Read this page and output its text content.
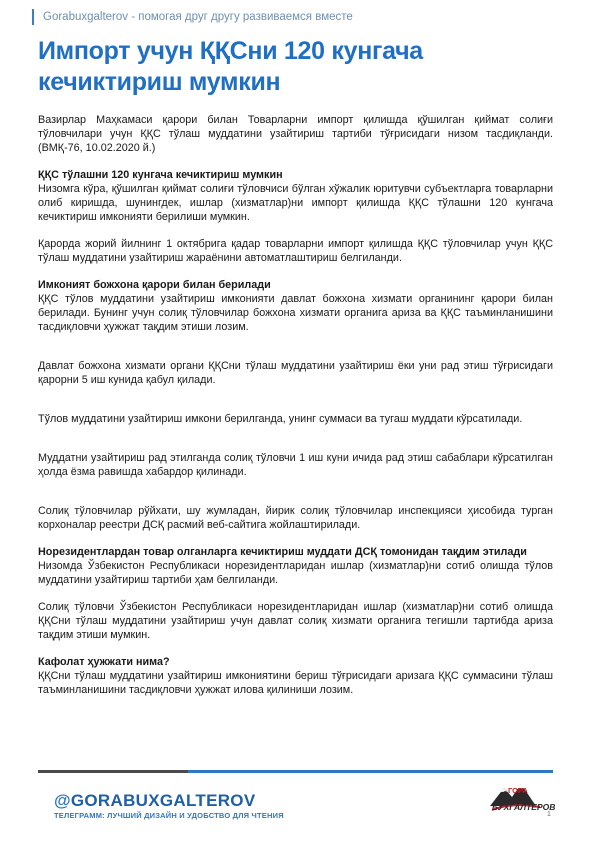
Gorabuxgalterov - помогая друг другу развиваемся вместе
Импорт учун ҚҚСни 120 кунгача кечиктириш мумкин

Вазирлар Маҳкамаси қарори билан Товарларни импорт қилишда қўшилган қиймат солиғи тўловчилари учун ҚҚС тўлаш муддатини узайтириш тартиби тўғрисидаги низом тасдиқланди. (ВМҚ-76, 10.02.2020 й.)

ҚҚС тўлашни 120 кунгача кечиктириш мумкин

Низомга кўра, қўшилган қиймат солиғи тўловчиси бўлган хўжалик юритувчи субъектларга товарларни олиб киришда, шунингдек, ишлар (хизматлар)ни импорт қилишда ҚҚС тўлашни 120 кунгача кечиктириш имконияти берилиши мумкин.

Қарорда жорий йилнинг 1 октябрига қадар товарларни импорт қилишда ҚҚС тўловчилар учун ҚҚС тўлаш муддатини узайтириш жараёнини автоматлаштириш белгиланди.

Имконият божхона қарори билан берилади

ҚҚС тўлов муддатини узайтириш имконияти давлат божхона хизмати органининг қарори билан берилади. Бунинг учун солиқ тўловчилар божхона хизмати органига ариза ва ҚҚС таъминланишини тасдиқловчи ҳужжат тақдим этиши лозим.

Давлат божхона хизмати органи ҚҚСни тўлаш муддатини узайтириш ёки уни рад этиш тўғрисидаги қарорни 5 иш кунида қабул қилади.

Тўлов муддатини узайтириш имкони берилганда, унинг суммаси ва тугаш муддати кўрсатилади.

Муддатни узайтириш рад этилганда солиқ тўловчи 1 иш куни ичида рад этиш сабаблари кўрсатилган ҳолда ёзма равишда хабардор қилинади.

Солиқ тўловчилар рўйхати, шу жумладан, йирик солиқ тўловчилар инспекцияси ҳисобида турган корхоналар реестри ДСҚ расмий веб-сайтига жойлаштирилади.

Норезидентлардан товар олганларга кечиктириш муддати ДСҚ томонидан тақдим этилади

Низомда Ўзбекистон Республикаси норезидентларидан ишлар (хизматлар)ни сотиб олишда тўлов муддатини узайтириш тартиби ҳам белгиланди.

Солиқ тўловчи Ўзбекистон Республикаси норезидентларидан ишлар (хизматлар)ни сотиб олишда ҚҚСни тўлаш муддатини узайтириш учун давлат солиқ хизмати органига тегишли тартибда ариза тақдим этиши мумкин.

Кафолат ҳужжати нима?

ҚҚСни тўлаш муддатини узайтириш имкониятини бериш тўғрисидаги аризага ҚҚС суммасини тўлаш таъминланишини тасдиқловчи ҳужжат илова қилиниши лозим.

@GORABUXGALTEROV
ТЕЛЕГРАММ: ЛУЧШИЙ ДИЗАЙН И УДОБСТВО ДЛЯ ЧТЕНИЯ
ГОРА
БУХГАЛТЕРОВ
1
